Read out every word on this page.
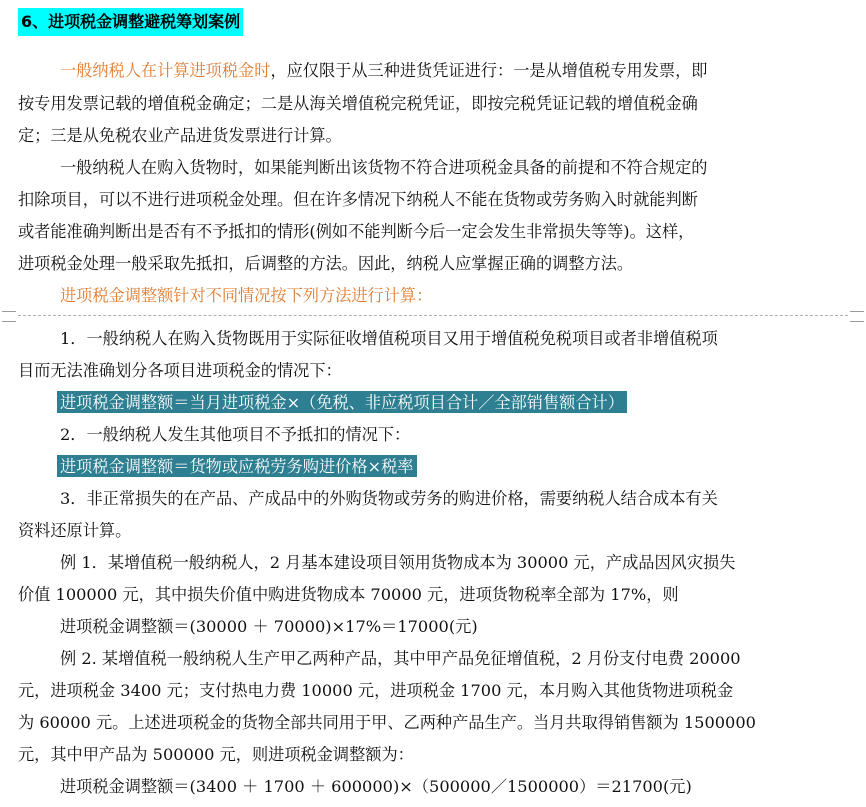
6、进项税金调整避税筹划案例
一般纳税人在计算进项税金时，应仅限于从三种进货凭证进行：一是从增值税专用发票，即
按专用发票记载的增值税金确定；二是从海关增值税完税凭证，即按完税凭证记载的增值税金确
定；三是从免税农业产品进货发票进行计算。
一般纳税人在购入货物时，如果能判断出该货物不符合进项税金具备的前提和不符合规定的
扣除项目，可以不进行进项税金处理。但在许多情况下纳税人不能在货物或劳务购入时就能判断
或者能准确判断出是否有不予抵扣的情形(例如不能判断今后一定会发生非常损失等等)。这样，
进项税金处理一般采取先抵扣，后调整的方法。因此，纳税人应掌握正确的调整方法。
进项税金调整额针对不同情况按下列方法进行计算：
1．一般纳税人在购入货物既用于实际征收增值税项目又用于增值税免税项目或者非增值税项
目而无法准确划分各项目进项税金的情况下：
进项税金调整额＝当月进项税金×（免税、非应税项目合计／全部销售额合计）
2．一般纳税人发生其他项目不予抵扣的情况下：
进项税金调整额＝货物或应税劳务购进价格×税率
3．非正常损失的在产品、产成品中的外购货物或劳务的购进价格，需要纳税人结合成本有关
资料还原计算。
例 1．某增值税一般纳税人，2 月基本建设项目领用货物成本为 30000 元，产成品因风灾损失
价值 100000 元，其中损失价值中购进货物成本 70000 元，进项货物税率全部为 17%，则
进项税金调整额＝(30000 ＋ 70000)×17%＝17000(元)
例 2. 某增值税一般纳税人生产甲乙两种产品，其中甲产品免征增值税，2 月份支付电费 20000
元，进项税金 3400 元；支付热电力费 10000 元，进项税金 1700 元，本月购入其他货物进项税金
为 60000 元。上述进项税金的货物全部共同用于甲、乙两种产品生产。当月共取得销售额为 1500000
元，其中甲产品为 500000 元，则进项税金调整额为：
进项税金调整额＝(3400 ＋ 1700 ＋ 600000)×（500000／1500000）＝21700(元)
